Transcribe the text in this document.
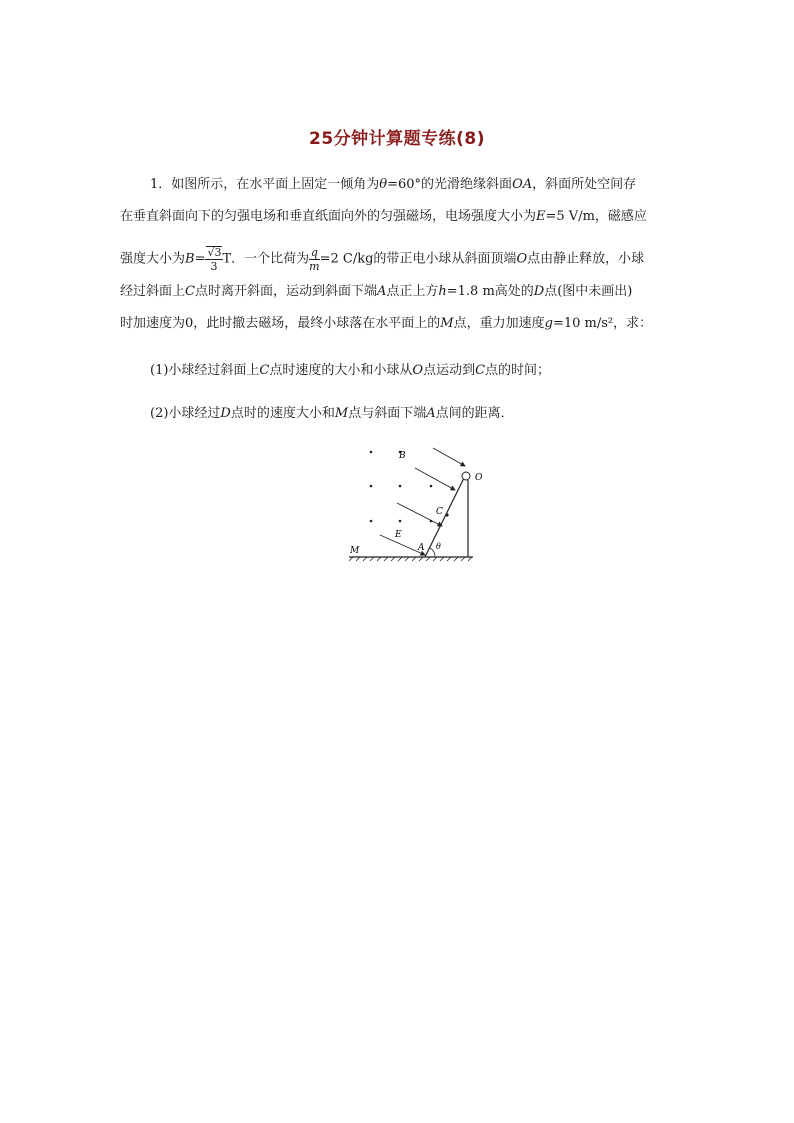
25分钟计算题专练(8)
1．如图所示，在水平面上固定一倾角为θ=60°的光滑绝缘斜面OA，斜面所处空间存
在垂直斜面向下的匀强电场和垂直纸面向外的匀强磁场，电场强度大小为E=5 V/m，磁感应
强度大小为$B= \frac{√3}{3}$ T．一个比荷为 $\frac{q}{m} =2$ C/kg的带正电小球从斜面顶端O点由静止释放，小球
经过斜面上C点时离开斜面，运动到斜面下端A点正上方h=1.8 m高处的D点(图中未画出)
时加速度为0，此时撤去磁场，最终小球落在水平面上的M点，重力加速度g=10 m/s²，求：
(1)小球经过斜面上C点时速度的大小和小球从O点运动到C点的时间；
(2)小球经过D点时的速度大小和M点与斜面下端A点间的距离．
B
O
C
E
A θ
M
